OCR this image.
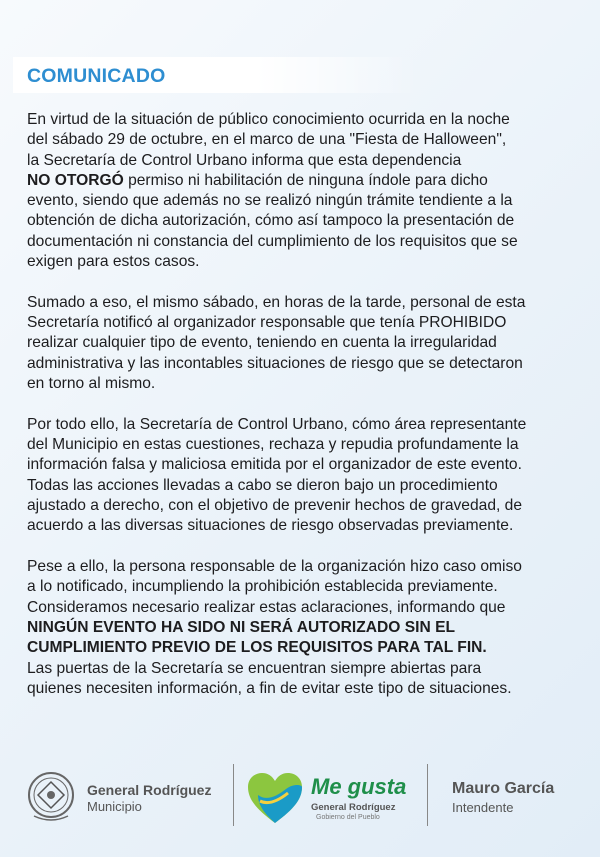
COMUNICADO
En virtud de la situación de público conocimiento ocurrida en la noche
del sábado 29 de octubre, en el marco de una "Fiesta de Halloween",
la Secretaría de Control Urbano informa que esta dependencia
NO OTORGÓ permiso ni habilitación de ninguna índole para dicho
evento, siendo que además no se realizó ningún trámite tendiente a la
obtención de dicha autorización, cómo así tampoco la presentación de
documentación ni constancia del cumplimiento de los requisitos que se
exigen para estos casos.
Sumado a eso, el mismo sábado, en horas de la tarde, personal de esta
Secretaría notificó al organizador responsable que tenía PROHIBIDO
realizar cualquier tipo de evento, teniendo en cuenta la irregularidad
administrativa y las incontables situaciones de riesgo que se detectaron
en torno al mismo.
Por todo ello, la Secretaría de Control Urbano, cómo área representante
del Municipio en estas cuestiones, rechaza y repudia profundamente la
información falsa y maliciosa emitida por el organizador de este evento.
Todas las acciones llevadas a cabo se dieron bajo un procedimiento
ajustado a derecho, con el objetivo de prevenir hechos de gravedad, de
acuerdo a las diversas situaciones de riesgo observadas previamente.
Pese a ello, la persona responsable de la organización hizo caso omiso
a lo notificado, incumpliendo la prohibición establecida previamente.
Consideramos necesario realizar estas aclaraciones, informando que
NINGÚN EVENTO HA SIDO NI SERÁ AUTORIZADO SIN EL
CUMPLIMIENTO PREVIO DE LOS REQUISITOS PARA TAL FIN.
Las puertas de la Secretaría se encuentran siempre abiertas para
quienes necesiten información, a fin de evitar este tipo de situaciones.
General Rodríguez
Municipio
Me gusta
General Rodríguez
Gobierno del Pueblo
Mauro García
Intendente
